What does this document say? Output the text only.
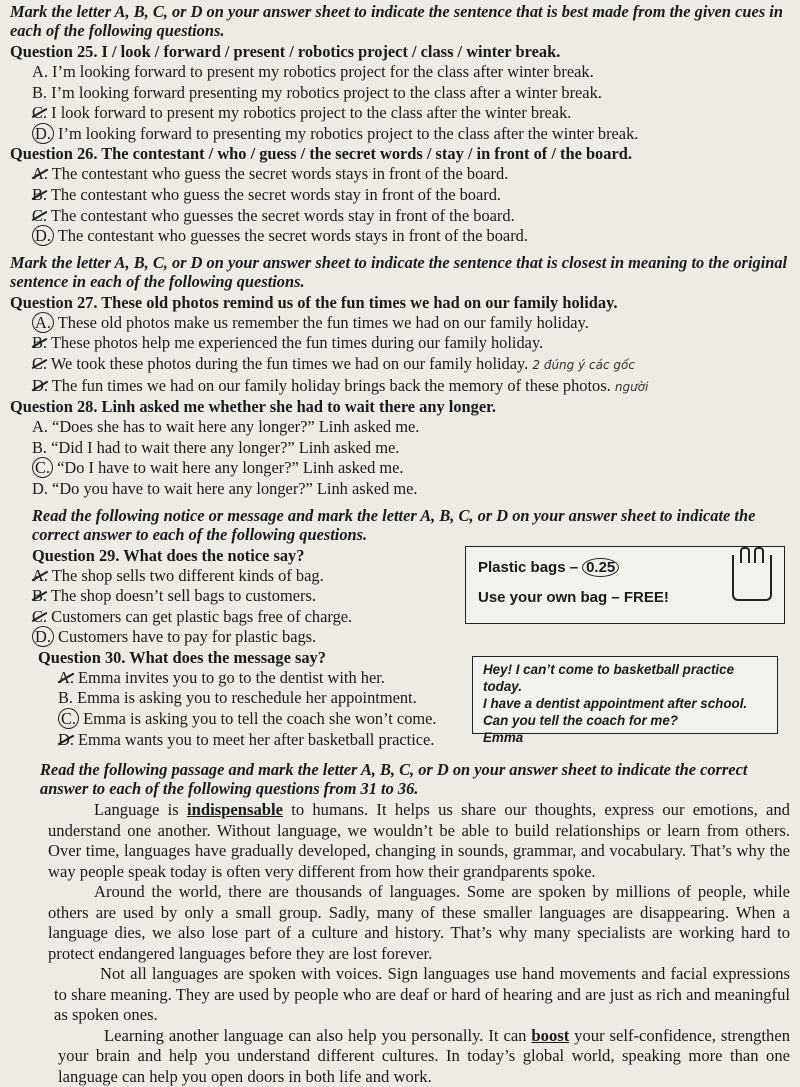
Mark the letter A, B, C, or D on your answer sheet to indicate the sentence that is best made from the given cues in each of the following questions.

Question 25. I / look / forward / present / robotics project / class / winter break.

A. I’m looking forward to present my robotics project for the class after winter break.

B. I’m looking forward presenting my robotics project to the class after a winter break.

C. I look forward to present my robotics project to the class after the winter break.

D. I’m looking forward to presenting my robotics project to the class after the winter break.

Question 26. The contestant / who / guess / the secret words / stay / in front of / the board.

A. The contestant who guess the secret words stays in front of the board.

B. The contestant who guess the secret words stay in front of the board.

C. The contestant who guesses the secret words stay in front of the board.

D. The contestant who guesses the secret words stays in front of the board.

Mark the letter A, B, C, or D on your answer sheet to indicate the sentence that is closest in meaning to the original sentence in each of the following questions.

Question 27. These old photos remind us of the fun times we had on our family holiday.

A. These old photos make us remember the fun times we had on our family holiday.

B. These photos help me experienced the fun times during our family holiday.

C. We took these photos during the fun times we had on our family holiday. 2 đúng ý các gốc

D. The fun times we had on our family holiday brings back the memory of these photos. người

Question 28. Linh asked me whether she had to wait there any longer.

A. “Does she has to wait here any longer?” Linh asked me.

B. “Did I had to wait there any longer?” Linh asked me.

C. “Do I have to wait here any longer?” Linh asked me.

D. “Do you have to wait here any longer?” Linh asked me.

Read the following notice or message and mark the letter A, B, C, or D on your answer sheet to indicate the correct answer to each of the following questions.

Plastic bags – 0.25
Use your own bag – FREE!

Question 29. What does the notice say?

A. The shop sells two different kinds of bag.

B. The shop doesn’t sell bags to customers.

C. Customers can get plastic bags free of charge.

D. Customers have to pay for plastic bags.

Hey! I can’t come to basketball practice today.
I have a dentist appointment after school.
Can you tell the coach for me?
Emma

Question 30. What does the message say?

A. Emma invites you to go to the dentist with her.

B. Emma is asking you to reschedule her appointment.

C. Emma is asking you to tell the coach she won’t come.

D. Emma wants you to meet her after basketball practice.

Read the following passage and mark the letter A, B, C, or D on your answer sheet to indicate the correct answer to each of the following questions from 31 to 36.

Language is indispensable to humans. It helps us share our thoughts, express our emotions, and understand one another. Without language, we wouldn’t be able to build relationships or learn from others. Over time, languages have gradually developed, changing in sounds, grammar, and vocabulary. That’s why the way people speak today is often very different from how their grandparents spoke.

Around the world, there are thousands of languages. Some are spoken by millions of people, while others are used by only a small group. Sadly, many of these smaller languages are disappearing. When a language dies, we also lose part of a culture and history. That’s why many specialists are working hard to protect endangered languages before they are lost forever.

Not all languages are spoken with voices. Sign languages use hand movements and facial expressions to share meaning. They are used by people who are deaf or hard of hearing and are just as rich and meaningful as spoken ones.

Learning another language can also help you personally. It can boost your self-confidence, strengthen your brain and help you understand different cultures. In today’s global world, speaking more than one language can help you open doors in both life and work.
